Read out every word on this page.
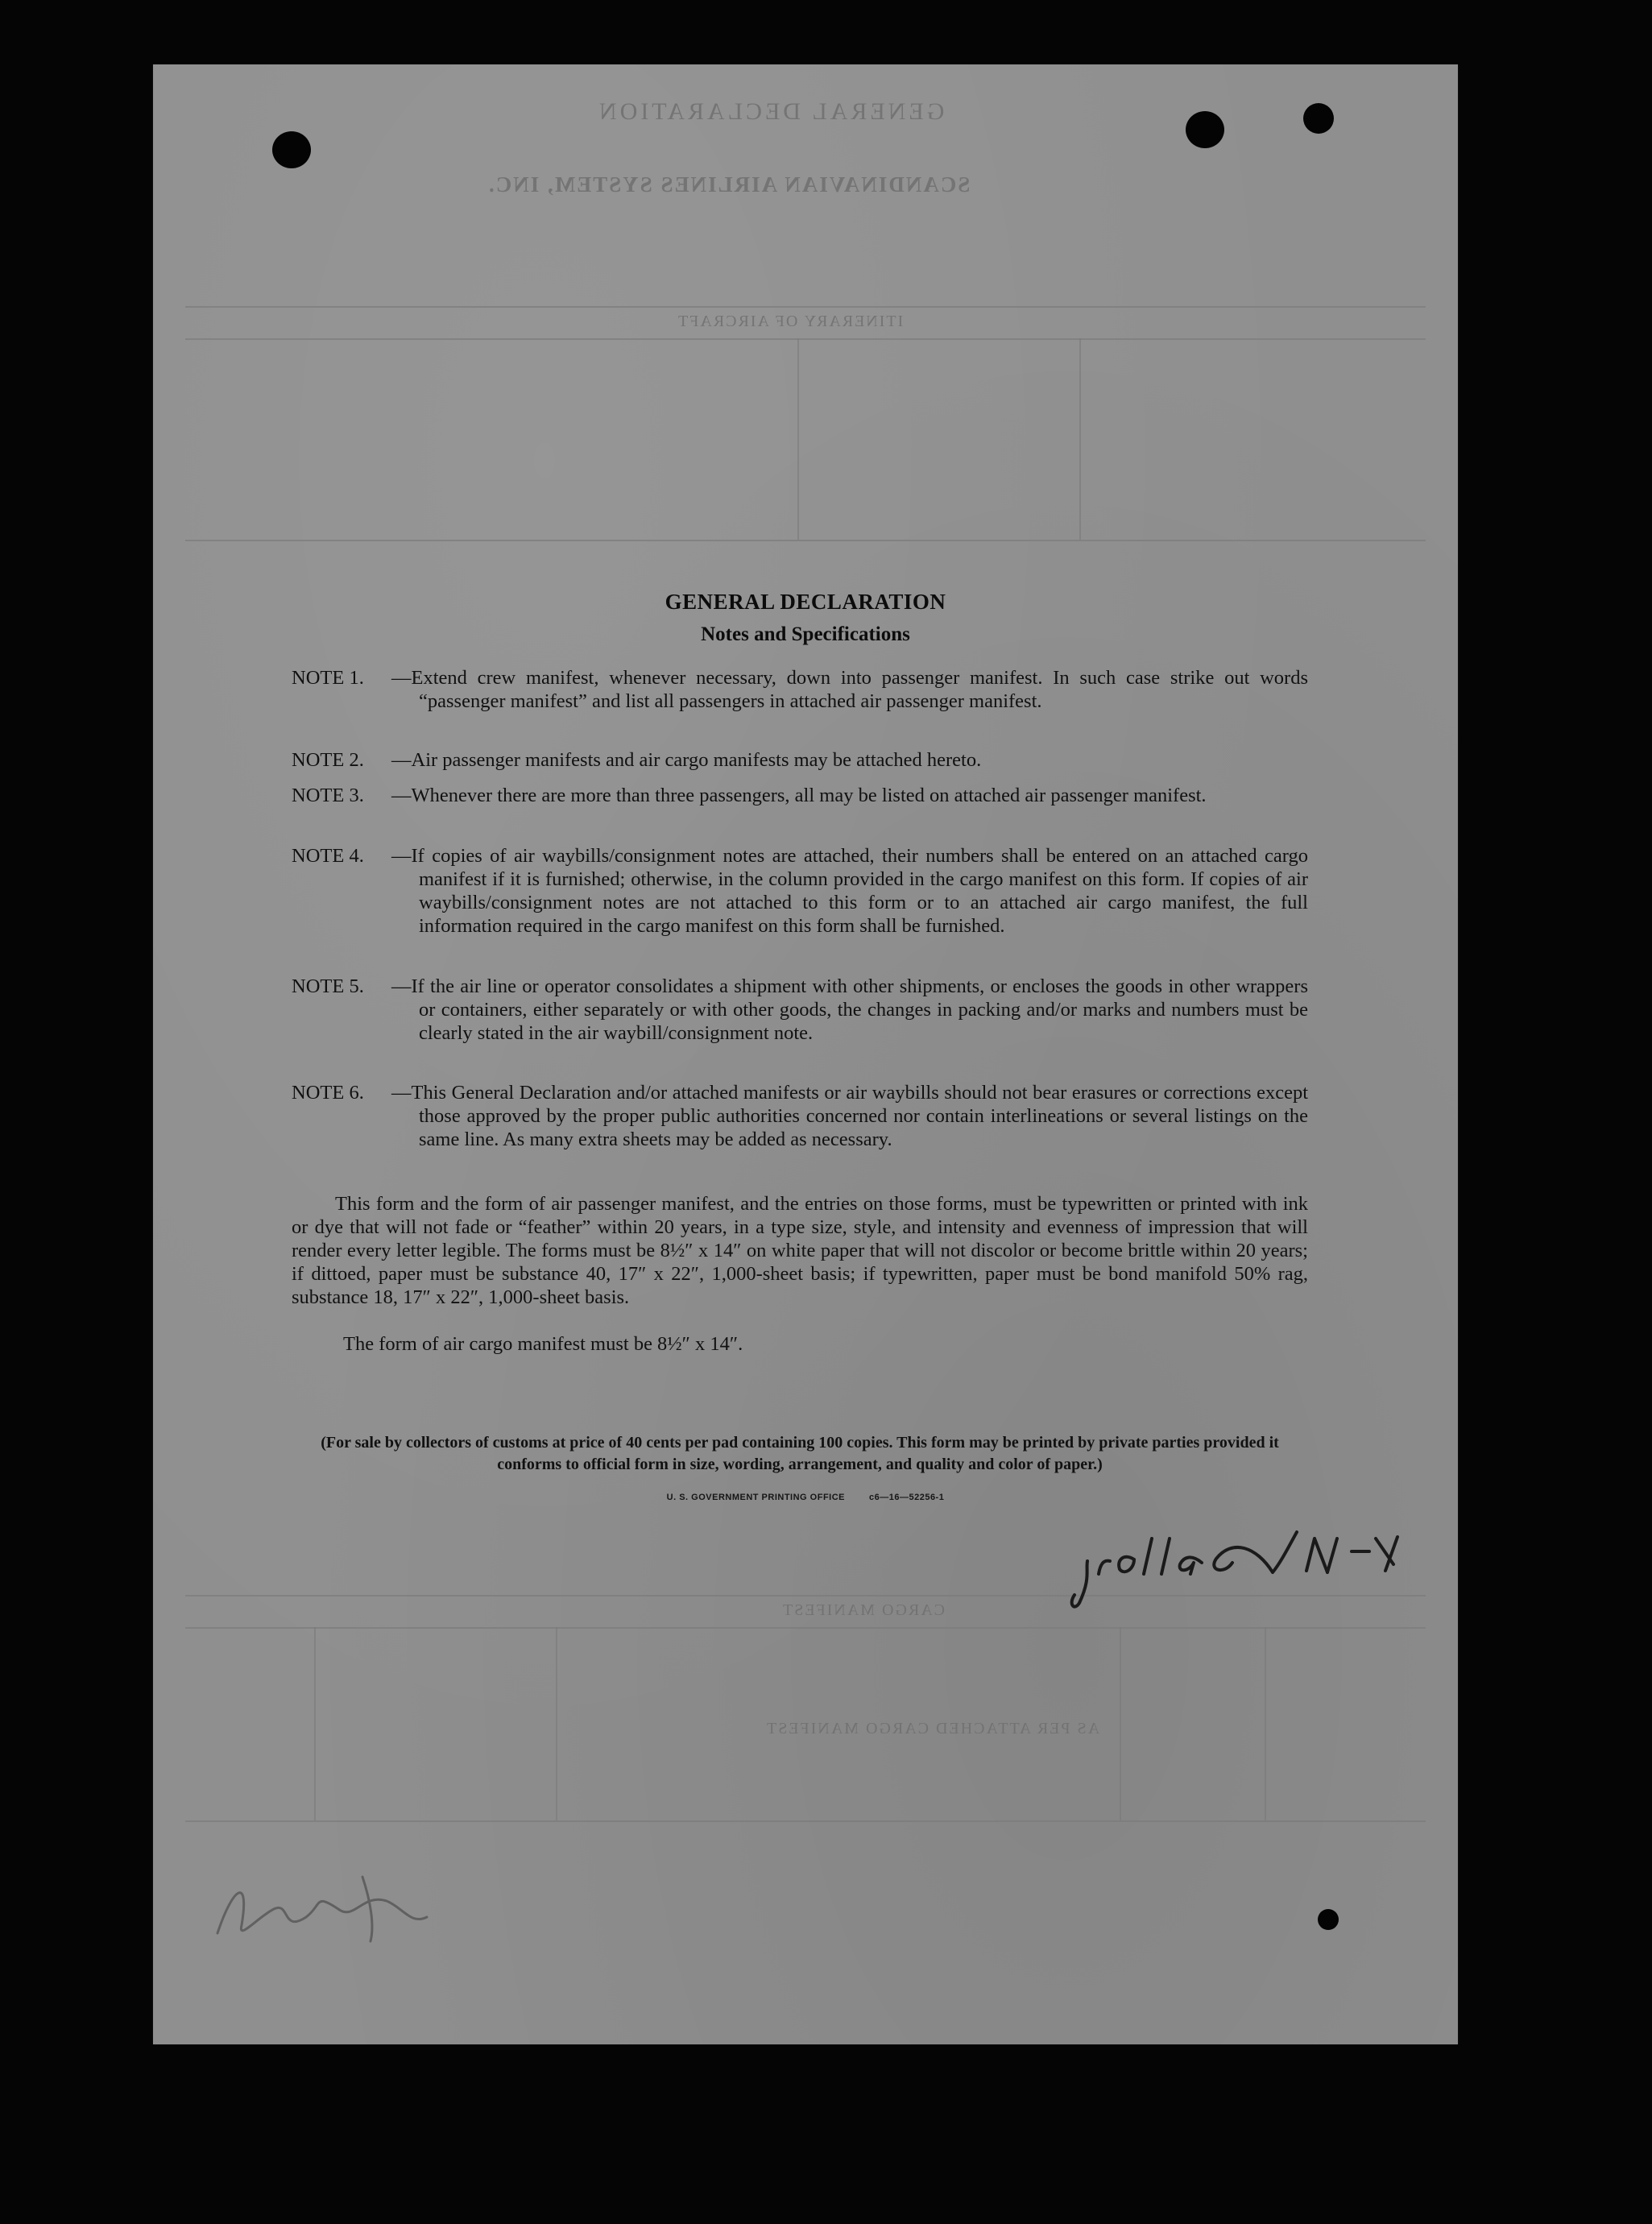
GENERAL DECLARATION
SCANDINAVIAN AIRLINES SYSTEM, INC.
ITINERARY OF AIRCRAFT
CARGO MANIFEST
AS PER ATTACHED CARGO MANIFEST
GENERAL DECLARATION
Notes and Specifications
NOTE 1.	—Extend crew manifest, whenever necessary, down into passenger manifest. In such case strike out words “passenger manifest” and list all passengers in attached air passenger manifest.
NOTE 2.	—Air passenger manifests and air cargo manifests may be attached hereto.
NOTE 3.	—Whenever there are more than three passengers, all may be listed on attached air passenger manifest.
NOTE 4.	—If copies of air waybills/consignment notes are attached, their numbers shall be entered on an attached cargo manifest if it is furnished; otherwise, in the column provided in the cargo manifest on this form. If copies of air waybills/consignment notes are not attached to this form or to an attached air cargo manifest, the full information required in the cargo manifest on this form shall be furnished.
NOTE 5.	—If the air line or operator consolidates a shipment with other shipments, or encloses the goods in other wrappers or containers, either separately or with other goods, the changes in packing and/or marks and numbers must be clearly stated in the air waybill/consignment note.
NOTE 6.	—This General Declaration and/or attached manifests or air waybills should not bear erasures or corrections except those approved by the proper public authorities concerned nor contain interlineations or several listings on the same line. As many extra sheets may be added as necessary.
This form and the form of air passenger manifest, and the entries on those forms, must be typewritten or printed with ink or dye that will not fade or “feather” within 20 years, in a type size, style, and intensity and evenness of impression that will render every letter legible. The forms must be 8½″ x 14″ on white paper that will not discolor or become brittle within 20 years; if dittoed, paper must be substance 40, 17″ x 22″, 1,000-sheet basis; if typewritten, paper must be bond manifold 50% rag, substance 18, 17″ x 22″, 1,000-sheet basis.
The form of air cargo manifest must be 8½″ x 14″.
(For sale by collectors of customs at price of 40 cents per pad containing 100 copies. This form may be printed by private parties provided it conforms to official form in size, wording, arrangement, and quality and color of paper.)
U. S. GOVERNMENT PRINTING OFFICE	c6—16—52256-1
